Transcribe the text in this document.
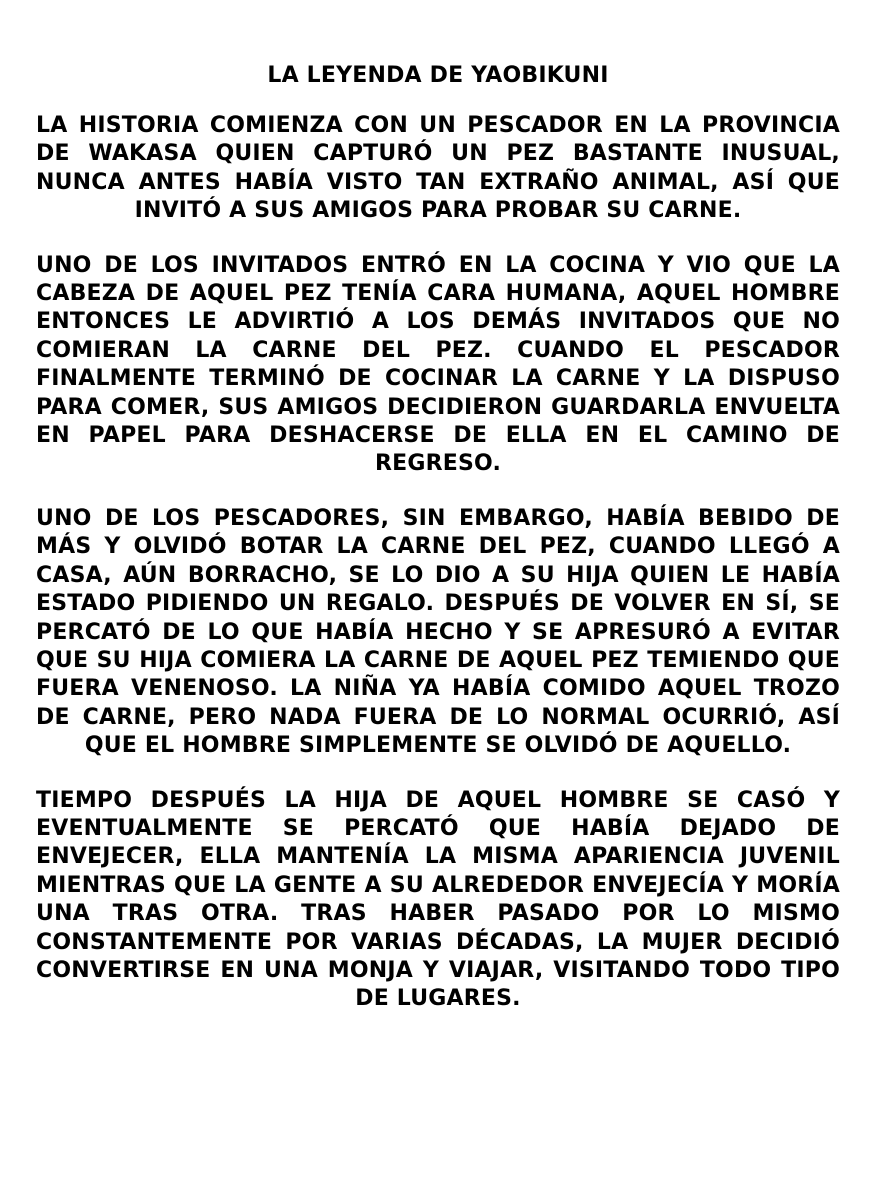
LA LEYENDA DE YAOBIKUNI
LA HISTORIA COMIENZA CON UN PESCADOR EN LA PROVINCIA DE WAKASA QUIEN CAPTURÓ UN PEZ BASTANTE INUSUAL, NUNCA ANTES HABÍA VISTO TAN EXTRAÑO ANIMAL, ASÍ QUE INVITÓ A SUS AMIGOS PARA PROBAR SU CARNE.
UNO DE LOS INVITADOS ENTRÓ EN LA COCINA Y VIO QUE LA CABEZA DE AQUEL PEZ TENÍA CARA HUMANA, AQUEL HOMBRE ENTONCES LE ADVIRTIÓ A LOS DEMÁS INVITADOS QUE NO COMIERAN LA CARNE DEL PEZ. CUANDO EL PESCADOR FINALMENTE TERMINÓ DE COCINAR LA CARNE Y LA DISPUSO PARA COMER, SUS AMIGOS DECIDIERON GUARDARLA ENVUELTA EN PAPEL PARA DESHACERSE DE ELLA EN EL CAMINO DE REGRESO.
UNO DE LOS PESCADORES, SIN EMBARGO, HABÍA BEBIDO DE MÁS Y OLVIDÓ BOTAR LA CARNE DEL PEZ, CUANDO LLEGÓ A CASA, AÚN BORRACHO, SE LO DIO A SU HIJA QUIEN LE HABÍA ESTADO PIDIENDO UN REGALO. DESPUÉS DE VOLVER EN SÍ, SE PERCATÓ DE LO QUE HABÍA HECHO Y SE APRESURÓ A EVITAR QUE SU HIJA COMIERA LA CARNE DE AQUEL PEZ TEMIENDO QUE FUERA VENENOSO. LA NIÑA YA HABÍA COMIDO AQUEL TROZO DE CARNE, PERO NADA FUERA DE LO NORMAL OCURRIÓ, ASÍ QUE EL HOMBRE SIMPLEMENTE SE OLVIDÓ DE AQUELLO.
TIEMPO DESPUÉS LA HIJA DE AQUEL HOMBRE SE CASÓ Y EVENTUALMENTE SE PERCATÓ QUE HABÍA DEJADO DE ENVEJECER, ELLA MANTENÍA LA MISMA APARIENCIA JUVENIL MIENTRAS QUE LA GENTE A SU ALREDEDOR ENVEJECÍA Y MORÍA UNA TRAS OTRA. TRAS HABER PASADO POR LO MISMO CONSTANTEMENTE POR VARIAS DÉCADAS, LA MUJER DECIDIÓ CONVERTIRSE EN UNA MONJA Y VIAJAR, VISITANDO TODO TIPO DE LUGARES.
